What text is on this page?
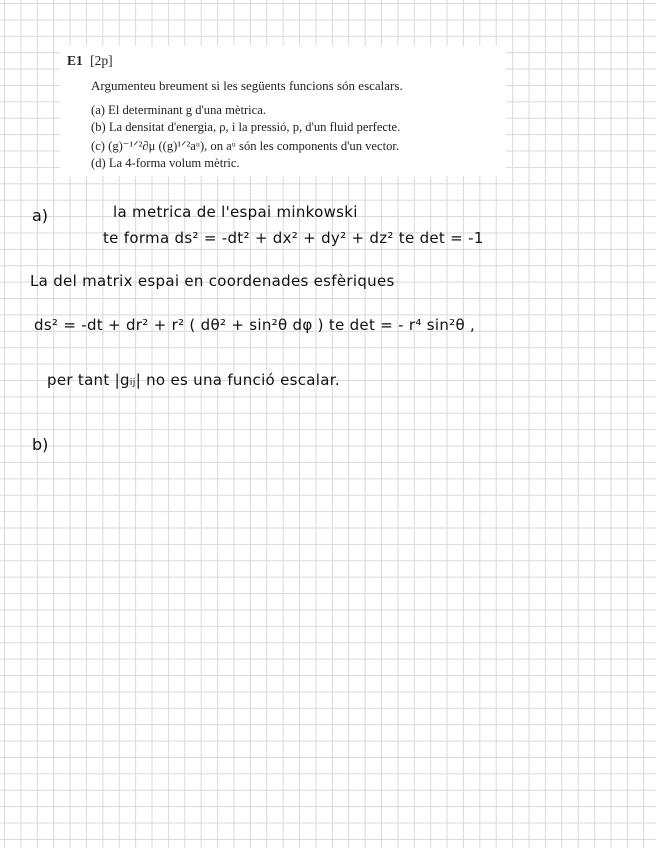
E1 [2p]
Argumenteu breument si les següents funcions són escalars.
(a) El determinant g d'una mètrica.
(b) La densitat d'energia, ρ, i la pressió, p, d'un fluid perfecte.
(c) (g)⁻¹ᐟ²∂μ ((g)¹ᐟ²aᵘ), on aᵘ són les components d'un vector.
(d) La 4-forma volum mètric.
a)	la metrica de l'espai minkowski
te forma ds² = -dt² + dx² + dy² + dz² te det = -1
La del matrix espai en coordenades esfèriques
ds² = -dt + dr² + r² ( dθ² + sin²θ dφ ) te det = - r⁴ sin²θ ,
per tant |gᵢⱼ| no es una funció escalar.
b)
